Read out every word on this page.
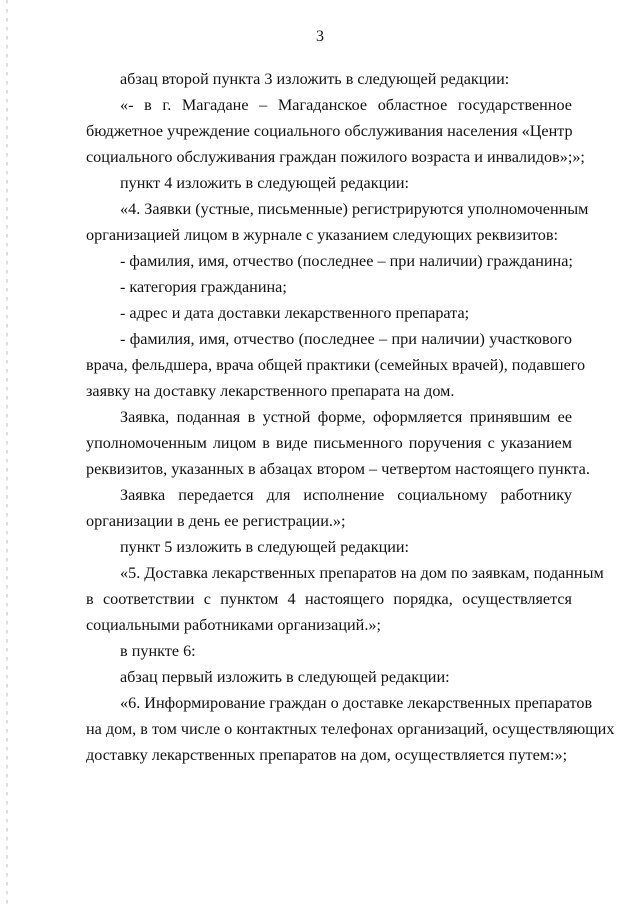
3
абзац второй пункта 3 изложить в следующей редакции:
«- в г. Магадане – Магаданское областное государственное
бюджетное учреждение социального обслуживания населения «Центр
социального обслуживания граждан пожилого возраста и инвалидов»;»;
пункт 4 изложить в следующей редакции:
«4. Заявки (устные, письменные) регистрируются уполномоченным
организацией лицом в журнале с указанием следующих реквизитов:
- фамилия, имя, отчество (последнее – при наличии) гражданина;
- категория гражданина;
- адрес и дата доставки лекарственного препарата;
- фамилия, имя, отчество (последнее – при наличии) участкового
врача, фельдшера, врача общей практики (семейных врачей), подавшего
заявку на доставку лекарственного препарата на дом.
Заявка, поданная в устной форме, оформляется принявшим ее
уполномоченным лицом в виде письменного поручения с указанием
реквизитов, указанных в абзацах втором – четвертом настоящего пункта.
Заявка передается для исполнение социальному работнику
организации в день ее регистрации.»;
пункт 5 изложить в следующей редакции:
«5. Доставка лекарственных препаратов на дом по заявкам, поданным
в соответствии с пунктом 4 настоящего порядка, осуществляется
социальными работниками организаций.»;
в пункте 6:
абзац первый изложить в следующей редакции:
«6. Информирование граждан о доставке лекарственных препаратов
на дом, в том числе о контактных телефонах организаций, осуществляющих
доставку лекарственных препаратов на дом, осуществляется путем:»;
